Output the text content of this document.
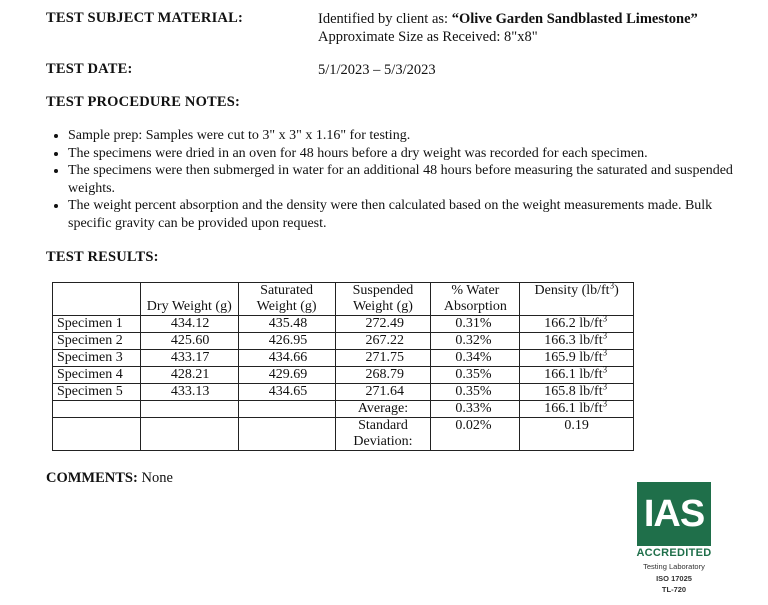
TEST SUBJECT MATERIAL:	Identified by client as: “Olive Garden Sandblasted Limestone”
Approximate Size as Received: 8"x8"
TEST DATE:	5/1/2023 – 5/3/2023
TEST PROCEDURE NOTES:
• Sample prep: Samples were cut to 3" x 3" x 1.16" for testing.
• The specimens were dried in an oven for 48 hours before a dry weight was recorded for each specimen.
• The specimens were then submerged in water for an additional 48 hours before measuring the saturated and suspended weights.
• The weight percent absorption and the density were then calculated based on the weight measurements made. Bulk specific gravity can be provided upon request.
TEST RESULTS:
	Dry Weight (g)	Saturated Weight (g)	Suspended Weight (g)	% Water Absorption	Density $(lb/ft^3)$
Specimen 1	434.12	435.48	272.49	0.31%	166.2 $lb/ft^3$
Specimen 2	425.60	426.95	267.22	0.32%	166.3 $lb/ft^3$
Specimen 3	433.17	434.66	271.75	0.34%	165.9 $lb/ft^3$
Specimen 4	428.21	429.69	268.79	0.35%	166.1 $lb/ft^3$
Specimen 5	433.13	434.65	271.64	0.35%	165.8 $lb/ft^3$
			Average:	0.33%	166.1 $lb/ft^3$
			Standard Deviation:	0.02%	0.19
COMMENTS: None
IAS
ACCREDITED
Testing Laboratory
ISO 17025
TL-720
